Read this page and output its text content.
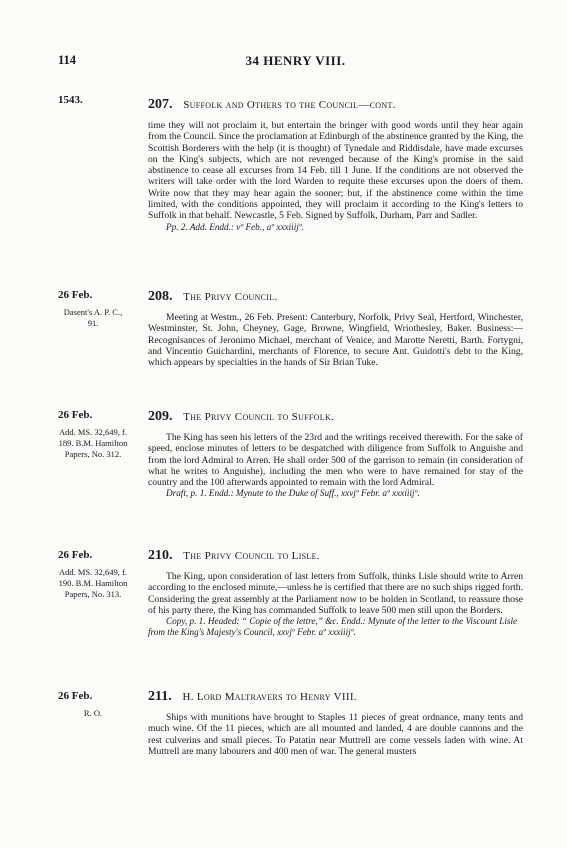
114	34 HENRY VIII.
1543.	207. Suffolk and Others to the Council—cont.

time they will not proclaim it, but entertain the bringer with good words until they hear again from the Council. Since the proclamation at Edinburgh of the abstinence granted by the King, the Scottish Borderers with the help (it is thought) of Tynedale and Riddisdale, have made excurses on the King's subjects, which are not revenged because of the King's promise in the said abstinence to cease all excurses from 14 Feb. till 1 June. If the conditions are not observed the writers will take order with the lord Warden to requite these excurses upon the doers of them. Write now that they may hear again the sooner; but, if the abstinence come within the time limited, with the conditions appointed, they will proclaim it according to the King's letters to Suffolk in that behalf. Newcastle, 5 Feb. Signed by Suffolk, Durham, Parr and Sadler.

Pp. 2. Add. Endd.: vº Feb., aº xxxiiijº.

26 Feb.
Dasent's A. P. C., 91.
208. The Privy Council.

Meeting at Westm., 26 Feb. Present: Canterbury, Norfolk, Privy Seal, Hertford, Winchester, Westminster, St. John, Cheyney, Gage, Browne, Wingfield, Wriothesley, Baker. Business:—Recognisances of Jeronimo Michael, merchant of Venice, and Marotte Neretti, Barth. Fortygni, and Vincentio Guichardini, merchants of Florence, to secure Ant. Guidotti's debt to the King, which appears by specialties in the hands of Sir Brian Tuke.

26 Feb.
Add. MS. 32,649, f. 189. B.M. Hamilton Papers, No. 312.
209. The Privy Council to Suffolk.

The King has seen his letters of the 23rd and the writings received therewith. For the sake of speed, enclose minutes of letters to be despatched with diligence from Suffolk to Anguishe and from the lord Admiral to Arren. He shall order 500 of the garrison to remain (in consideration of what he writes to Anguishe), including the men who were to have remained for stay of the country and the 100 afterwards appointed to remain with the lord Admiral.

Draft, p. 1. Endd.: Mynute to the Duke of Suff., xxvjº Febr. aº xxxiiijº.

26 Feb.
Add. MS. 32,649, f. 190. B.M. Hamilton Papers, No. 313.
210. The Privy Council to Lisle.

The King, upon consideration of last letters from Suffolk, thinks Lisle should write to Arren according to the enclosed minute,—unless he is certified that there are no such ships rigged forth. Considering the great assembly at the Parliament now to be holden in Scotland, to reassure those of his party there, the King has commanded Suffolk to leave 500 men still upon the Borders.

Copy, p. 1. Headed: “ Copie of the lettre,” &c. Endd.: Mynute of the letter to the Viscount Lisle from the King's Majesty's Council, xxvjº Febr. aº xxxiiijº.

26 Feb.
R. O.
211. H. Lord Maltravers to Henry VIII.

Ships with munitions have brought to Staples 11 pieces of great ordnance, many tents and much wine. Of the 11 pieces, which are all mounted and landed, 4 are double cannons and the rest culverins and small pieces. To Patatin near Muttrell are come vessels laden with wine. At Muttrell are many labourers and 400 men of war. The general musters
